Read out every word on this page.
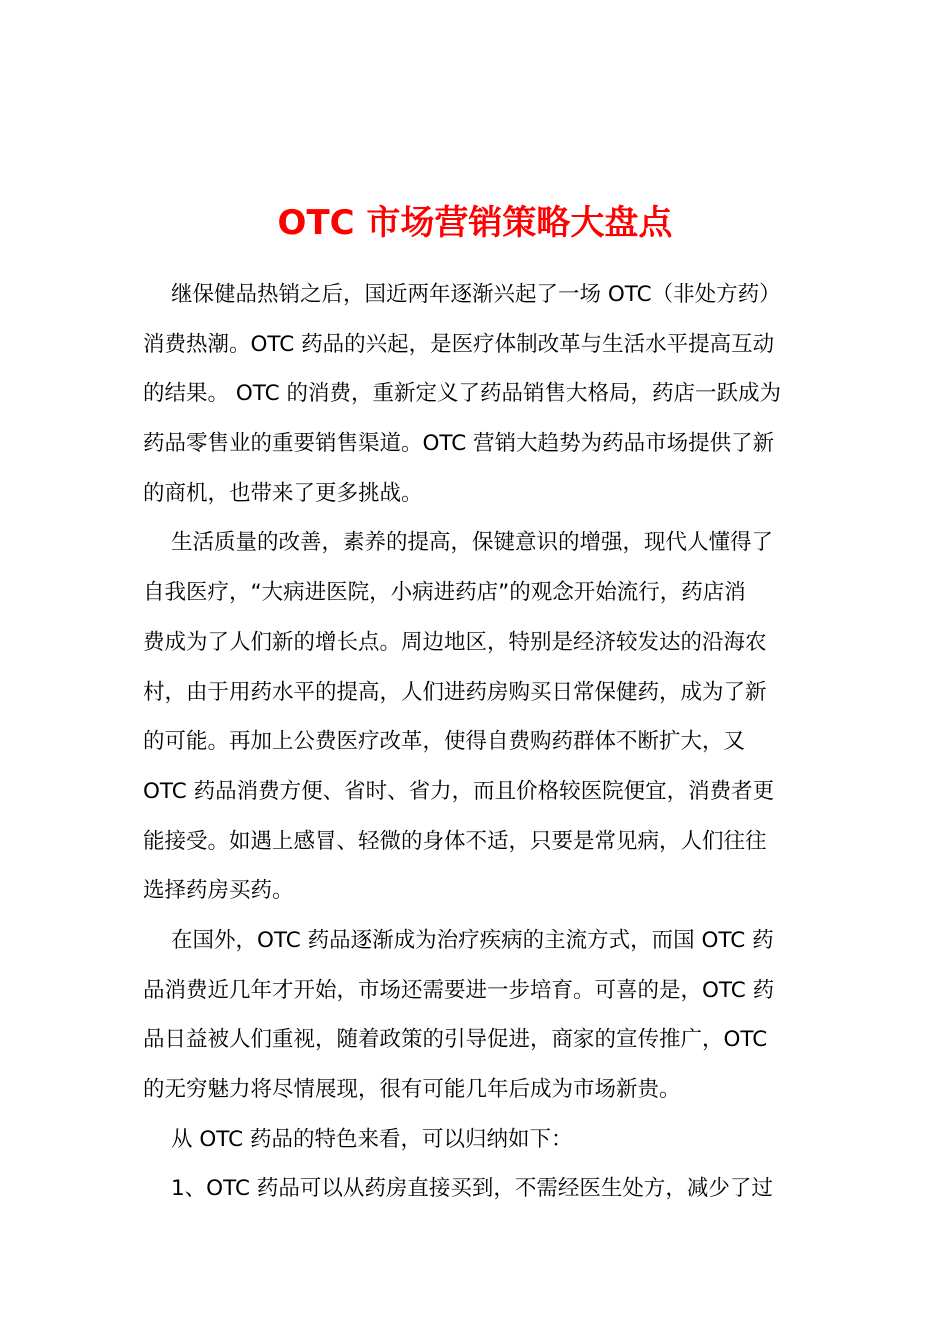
OTC 市场营销策略大盘点
继保健品热销之后，国近两年逐渐兴起了一场 OTC（非处方药）
消费热潮。OTC 药品的兴起，是医疗体制改革与生活水平提高互动
的结果。 OTC 的消费，重新定义了药品销售大格局，药店一跃成为
药品零售业的重要销售渠道。OTC 营销大趋势为药品市场提供了新
的商机，也带来了更多挑战。
生活质量的改善，素养的提高，保键意识的增强，现代人懂得了
自我医疗，“大病进医院，小病进药店”的观念开始流行，药店消
费成为了人们新的增长点。周边地区，特别是经济较发达的沿海农
村，由于用药水平的提高，人们进药房购买日常保健药，成为了新
的可能。再加上公费医疗改革，使得自费购药群体不断扩大，又
OTC 药品消费方便、省时、省力，而且价格较医院便宜，消费者更
能接受。如遇上感冒、轻微的身体不适，只要是常见病，人们往往
选择药房买药。
在国外，OTC 药品逐渐成为治疗疾病的主流方式，而国 OTC 药
品消费近几年才开始，市场还需要进一步培育。可喜的是，OTC 药
品日益被人们重视，随着政策的引导促进，商家的宣传推广，OTC
的无穷魅力将尽情展现，很有可能几年后成为市场新贵。
从 OTC 药品的特色来看，可以归纳如下：
1、OTC 药品可以从药房直接买到，不需经医生处方，减少了过
